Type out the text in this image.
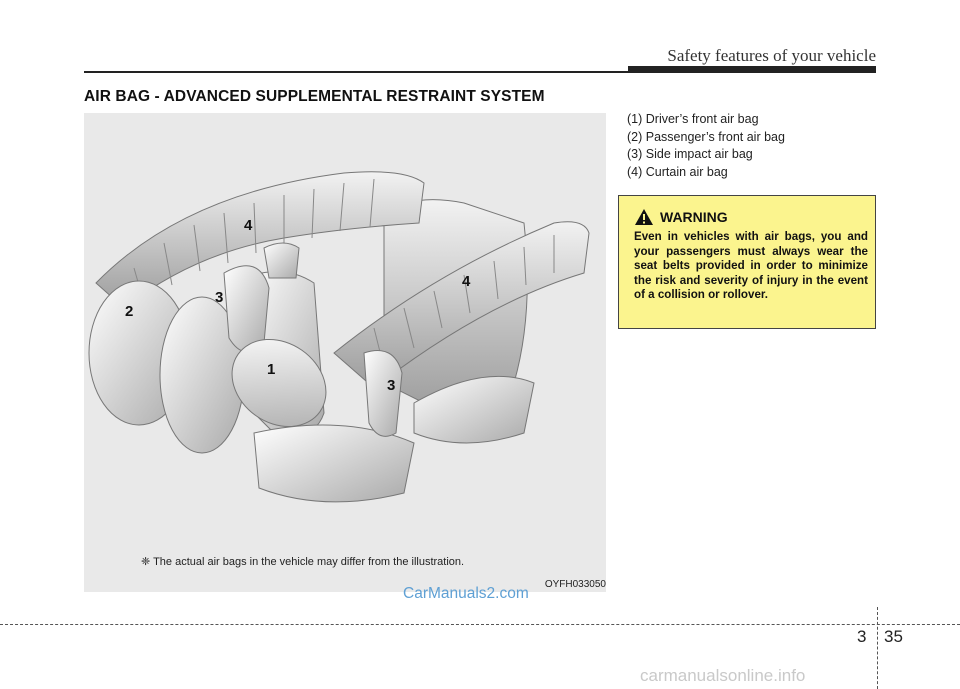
Safety features of your vehicle
AIR BAG - ADVANCED SUPPLEMENTAL RESTRAINT SYSTEM
4
2
3
4
1
3
❈ The actual air bags in the vehicle may differ from the illustration.
OYFH033050
(1) Driver’s front air bag
(2) Passenger’s front air bag
(3) Side impact air bag
(4) Curtain air bag
WARNING
Even in vehicles with air bags, you and your passengers must always wear the seat belts provided in order to minimize the risk and severity of injury in the event of a collision or rollover.
CarManuals2.com
3 35
carmanualsonline.info
